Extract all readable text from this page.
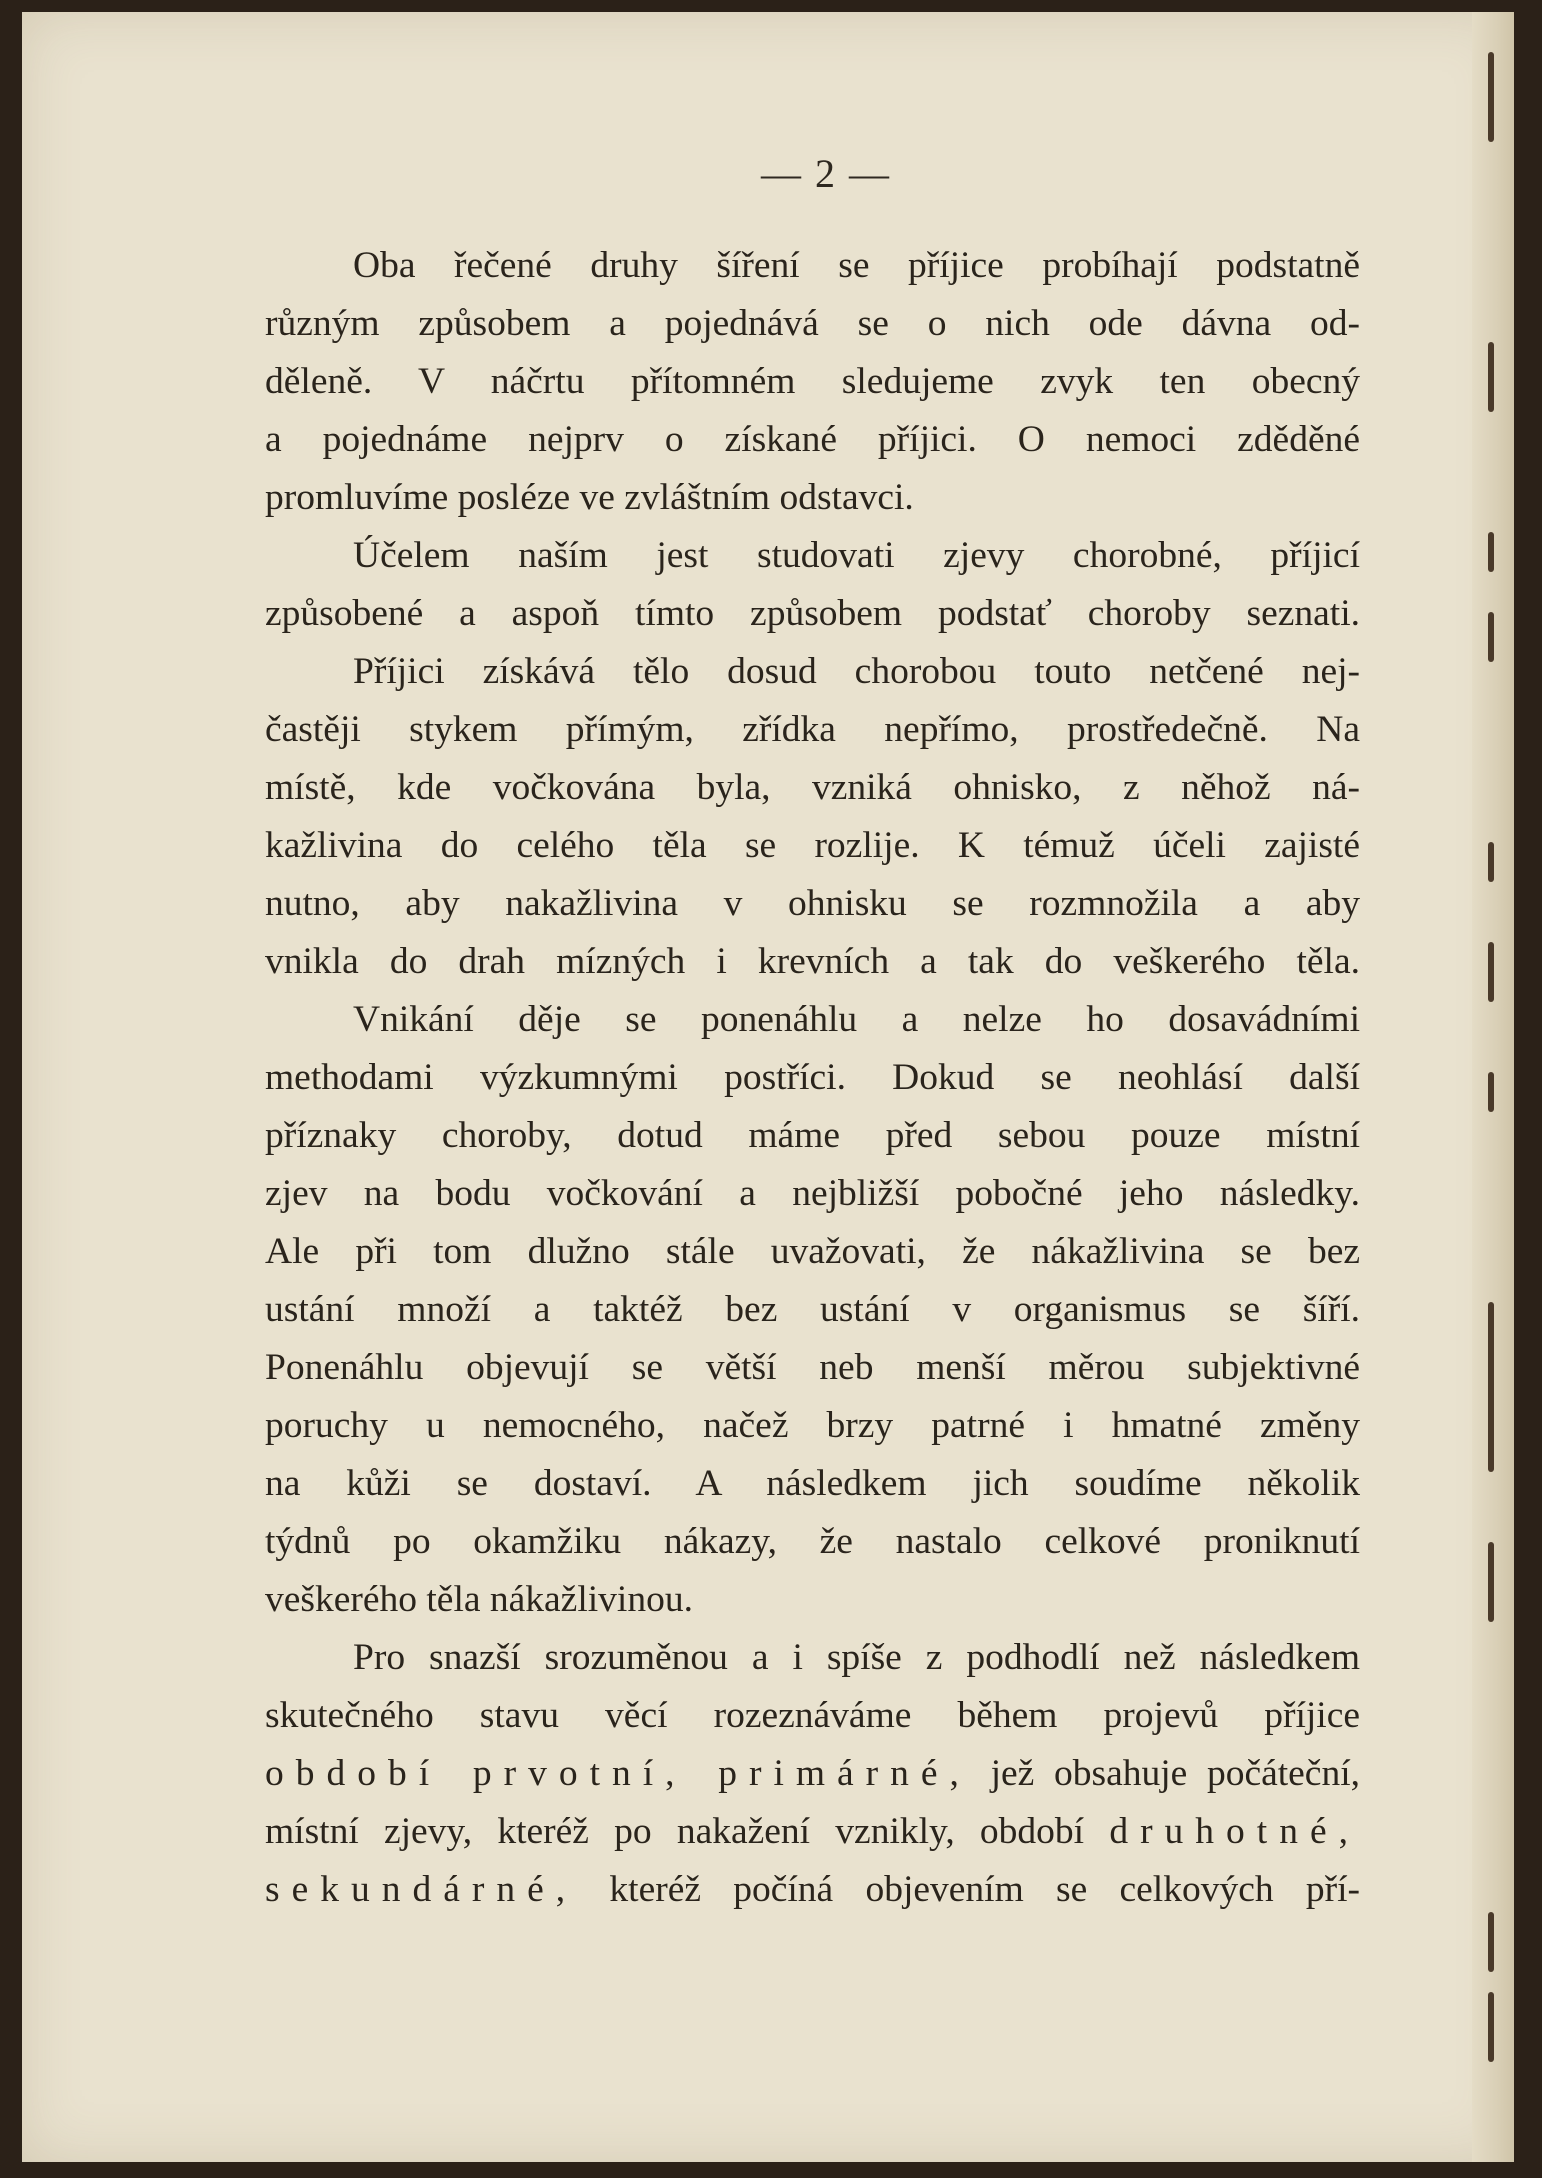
— 2 —

Oba řečené druhy šíření se příjice probíhají podstatně
různým způsobem a pojednává se o nich ode dávna od-
děleně. V náčrtu přítomném sledujeme zvyk ten obecný
a pojednáme nejprv o získané příjici. O nemoci zděděné
promluvíme posléze ve zvláštním odstavci.

Účelem naším jest studovati zjevy chorobné, příjicí
způsobené a aspoň tímto způsobem podstať choroby seznati.

Příjici získává tělo dosud chorobou touto netčené nej-
častěji stykem přímým, zřídka nepřímo, prostředečně. Na
místě, kde vočkována byla, vzniká ohnisko, z něhož ná-
kažlivina do celého těla se rozlije. K témuž účeli zajisté
nutno, aby nakažlivina v ohnisku se rozmnožila a aby
vnikla do drah mízných i krevních a tak do veškerého těla.

Vnikání děje se ponenáhlu a nelze ho dosavádními
methodami výzkumnými postříci. Dokud se neohlásí další
příznaky choroby, dotud máme před sebou pouze místní
zjev na bodu vočkování a nejbližší pobočné jeho následky.
Ale při tom dlužno stále uvažovati, že nákažlivina se bez
ustání množí a taktéž bez ustání v organismus se šíří.
Ponenáhlu objevují se větší neb menší měrou subjektivné
poruchy u nemocného, načež brzy patrné i hmatné změny
na kůži se dostaví. A následkem jich soudíme několik
týdnů po okamžiku nákazy, že nastalo celkové proniknutí
veškerého těla nákažlivinou.

Pro snazší srozuměnou a i spíše z podhodlí než následkem
skutečného stavu věcí rozeznáváme během projevů příjice
období prvotní, primárné, jež obsahuje počáteční,
místní zjevy, kteréž po nakažení vznikly, období druhotné,
sekundárné, kteréž počíná objevením se celkových pří-
